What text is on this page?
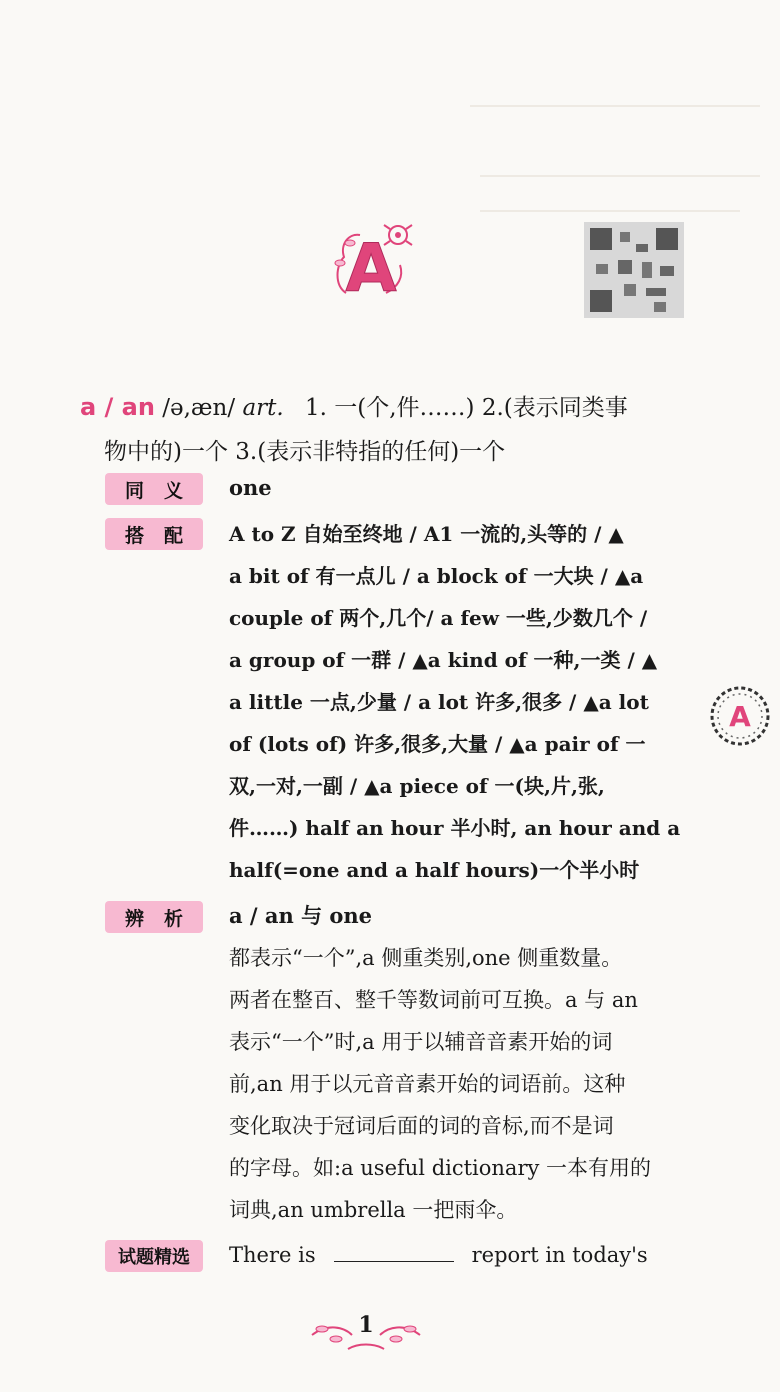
A
a / an /ə,æn/ art. 1. 一(个,件……) 2.(表示同类事
物中的)一个 3.(表示非特指的任何)一个
同义 one
搭配 A to Z 自始至终地 / A1 一流的,头等的 / ▲
a bit of 有一点儿 / a block of 一大块 / ▲a
couple of 两个,几个/ a few 一些,少数几个 /
a group of 一群 / ▲a kind of 一种,一类 / ▲
a little 一点,少量 / a lot 许多,很多 / ▲a lot
of (lots of) 许多,很多,大量 / ▲a pair of 一
双,一对,一副 / ▲a piece of 一(块,片,张,
件……) half an hour 半小时, an hour and a
half(=one and a half hours)一个半小时
A
辨析 a / an 与 one
都表示“一个”,a 侧重类别,one 侧重数量。
两者在整百、整千等数词前可互换。a 与 an
表示“一个”时,a 用于以辅音音素开始的词
前,an 用于以元音音素开始的词语前。这种
变化取决于冠词后面的词的音标,而不是词
的字母。如:a useful dictionary 一本有用的
词典,an umbrella 一把雨伞。
试题精选	There is	report in today's
1
